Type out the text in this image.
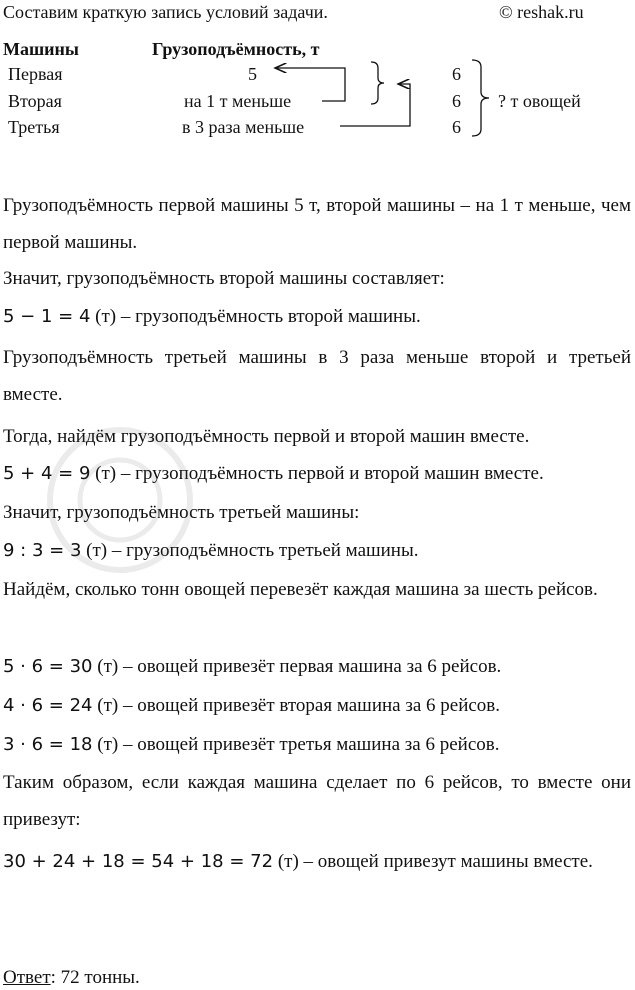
Составим краткую запись условий задачи.	© reshak.ru
Машины	Грузоподъёмность, т
Первая
Вторая
Третья
5
на 1 т меньше
в 3 раза меньше
6
6
6
? т овощей
Грузоподъёмность первой машины 5 т, второй машины – на 1 т меньше, чем первой машины.
Значит, грузоподъёмность второй машины составляет:
5 − 1 = 4 (т) – грузоподъёмность второй машины.
Грузоподъёмность третьей машины в 3 раза меньше второй и третьей вместе.
Тогда, найдём грузоподъёмность первой и второй машин вместе.
5 + 4 = 9 (т) – грузоподъёмность первой и второй машин вместе.
Значит, грузоподъёмность третьей машины:
9 : 3 = 3 (т) – грузоподъёмность третьей машины.
Найдём, сколько тонн овощей перевезёт каждая машина за шесть рейсов.
5 · 6 = 30 (т) – овощей привезёт первая машина за 6 рейсов.
4 · 6 = 24 (т) – овощей привезёт вторая машина за 6 рейсов.
3 · 6 = 18 (т) – овощей привезёт третья машина за 6 рейсов.
Таким образом, если каждая машина сделает по 6 рейсов, то вместе они привезут:
30 + 24 + 18 = 54 + 18 = 72 (т) – овощей привезут машины вместе.
Ответ: 72 тонны.
